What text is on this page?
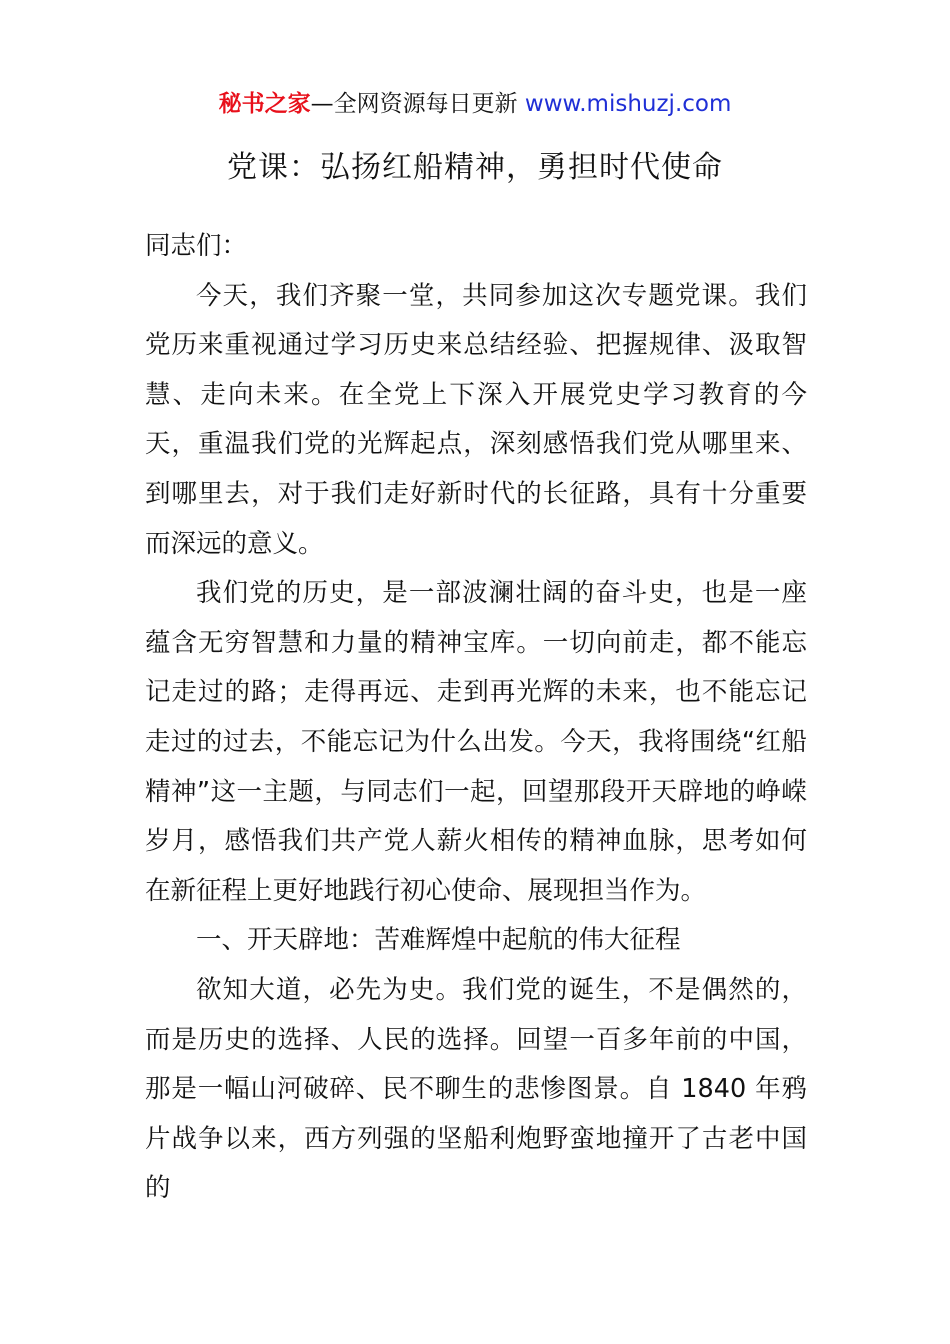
秘书之家—全网资源每日更新 www.mishuzj.com
党课：弘扬红船精神，勇担时代使命

同志们：

今天，我们齐聚一堂，共同参加这次专题党课。我们党历来重视通过学习历史来总结经验、把握规律、汲取智慧、走向未来。在全党上下深入开展党史学习教育的今天，重温我们党的光辉起点，深刻感悟我们党从哪里来、到哪里去，对于我们走好新时代的长征路，具有十分重要而深远的意义。

我们党的历史，是一部波澜壮阔的奋斗史，也是一座蕴含无穷智慧和力量的精神宝库。一切向前走，都不能忘记走过的路；走得再远、走到再光辉的未来，也不能忘记走过的过去，不能忘记为什么出发。今天，我将围绕“红船精神”这一主题，与同志们一起，回望那段开天辟地的峥嵘岁月，感悟我们共产党人薪火相传的精神血脉，思考如何在新征程上更好地践行初心使命、展现担当作为。

一、开天辟地：苦难辉煌中起航的伟大征程

欲知大道，必先为史。我们党的诞生，不是偶然的，而是历史的选择、人民的选择。回望一百多年前的中国，那是一幅山河破碎、民不聊生的悲惨图景。自 1840 年鸦片战争以来，西方列强的坚船利炮野蛮地撞开了古老中国的
